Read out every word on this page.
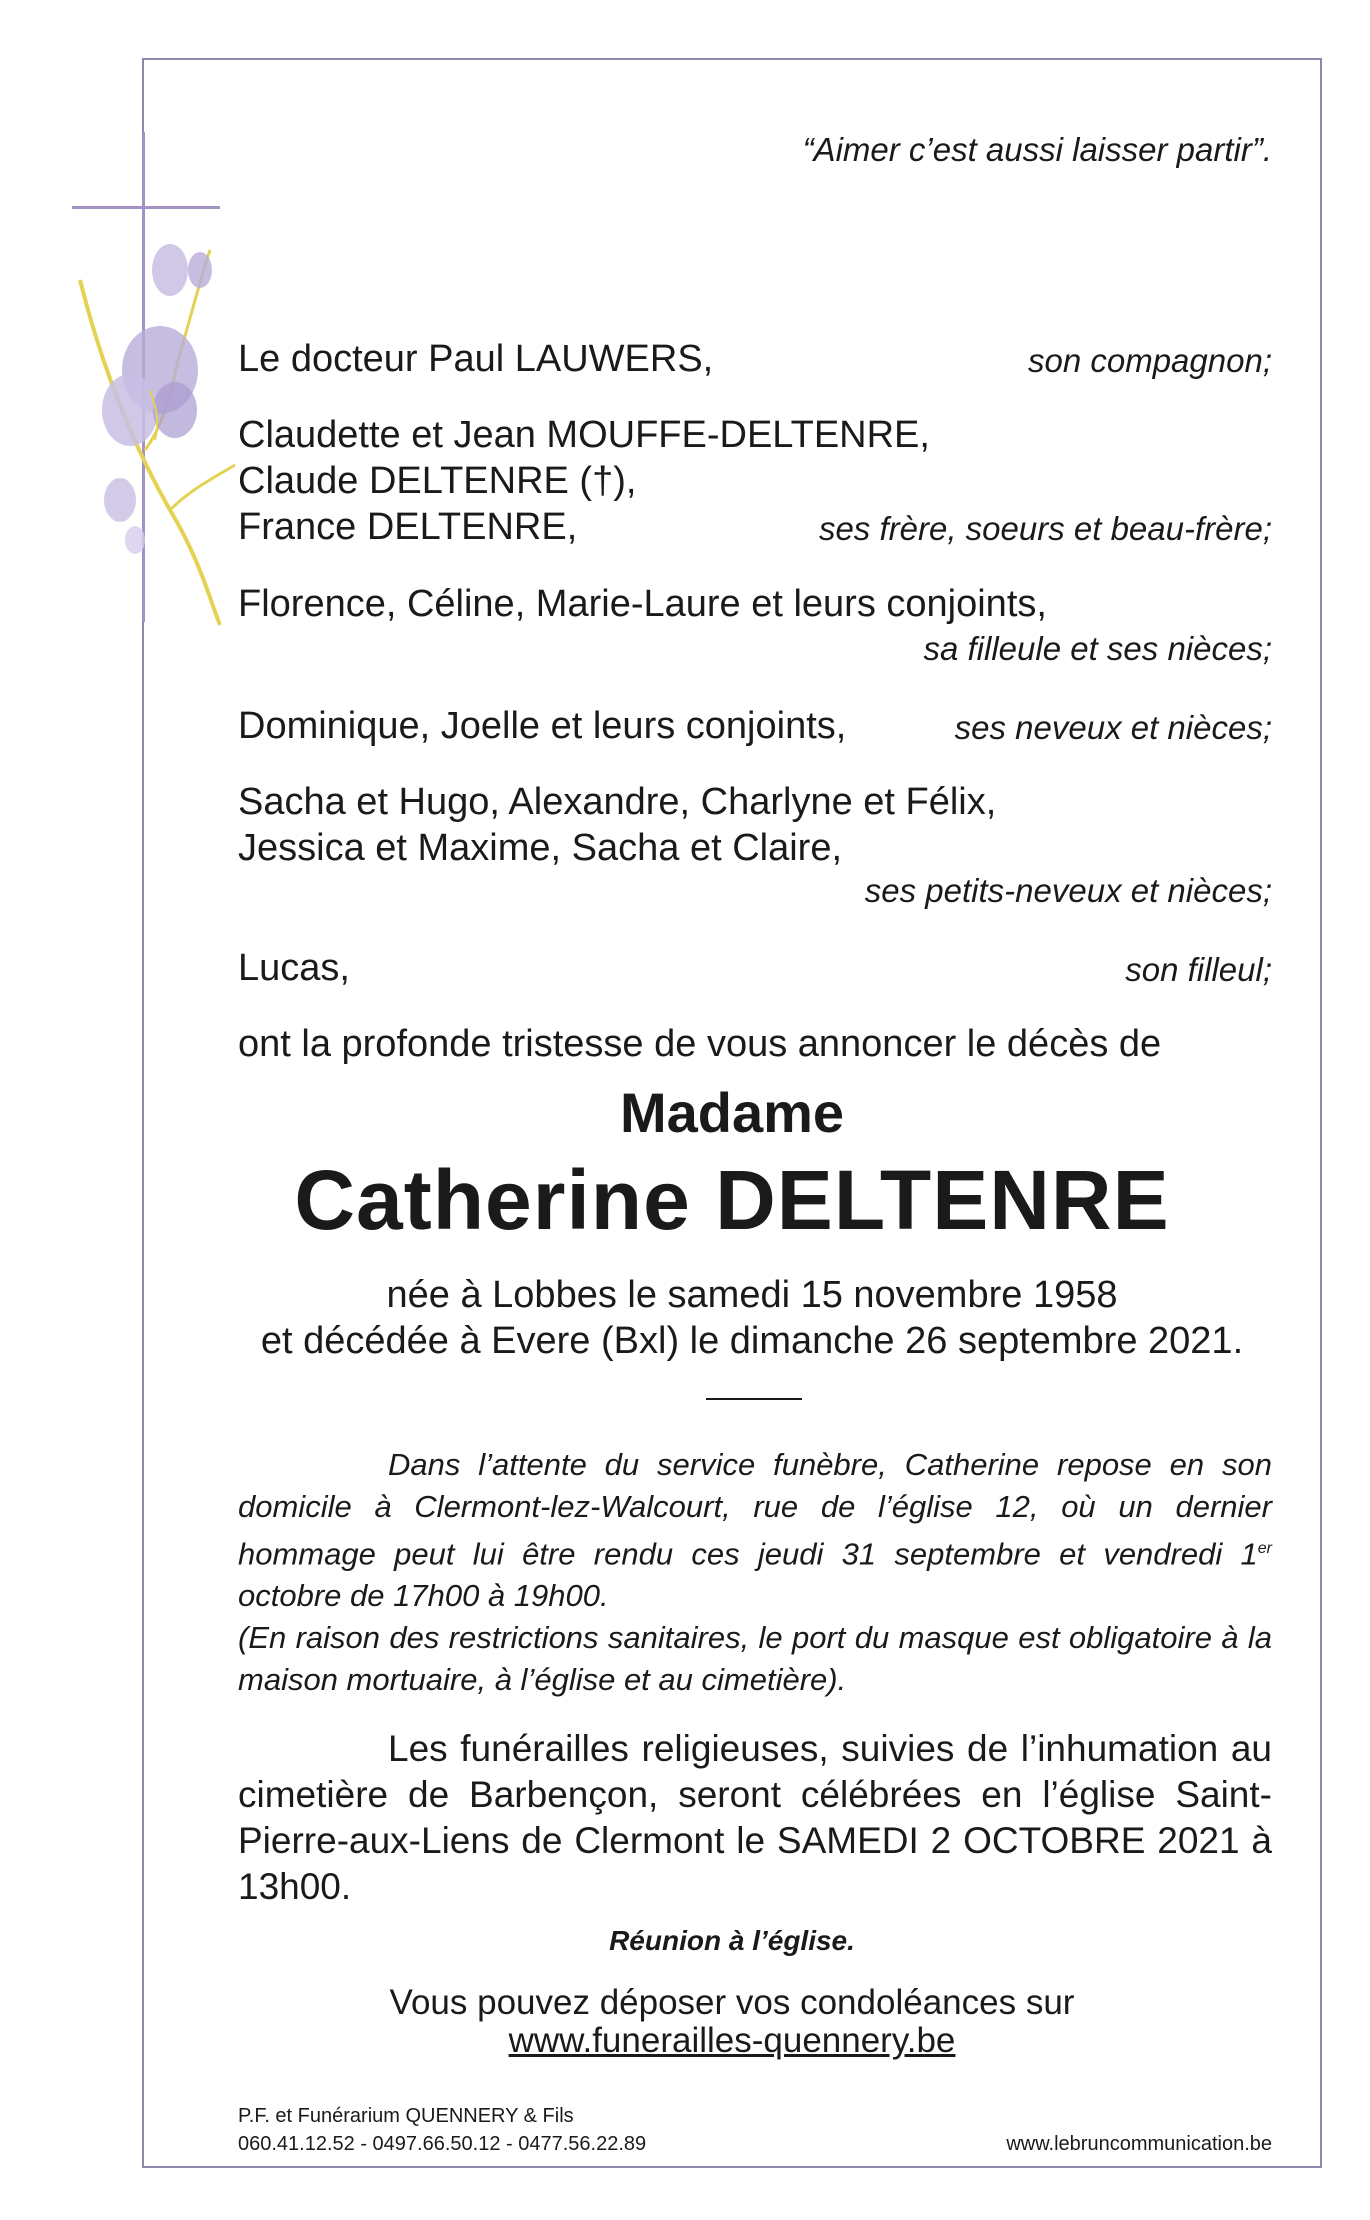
“Aimer c’est aussi laisser partir”.
Le docteur Paul LAUWERS,	son compagnon;
Claudette et Jean MOUFFE-DELTENRE,
Claude DELTENRE (†),
France DELTENRE,	ses frère, soeurs et beau-frère;
Florence, Céline, Marie-Laure et leurs conjoints,
sa filleule et ses nièces;
Dominique, Joelle et leurs conjoints,	ses neveux et nièces;
Sacha et Hugo, Alexandre, Charlyne et Félix,
Jessica et Maxime, Sacha et Claire,
ses petits-neveux et nièces;
Lucas,	son filleul;
ont la profonde tristesse de vous annoncer le décès de
Madame
Catherine DELTENRE
née à Lobbes le samedi 15 novembre 1958
et décédée à Evere (Bxl) le dimanche 26 septembre 2021.
Dans l’attente du service funèbre, Catherine repose en son domicile à Clermont-lez-Walcourt, rue de l’église 12, où un dernier hommage peut lui être rendu ces jeudi 31 septembre et vendredi 1er octobre de 17h00 à 19h00.
(En raison des restrictions sanitaires, le port du masque est obligatoire à la maison mortuaire, à l’église et au cimetière).
Les funérailles religieuses, suivies de l’inhumation au cimetière de Barbençon, seront célébrées en l’église Saint-Pierre-aux-Liens de Clermont le SAMEDI 2 OCTOBRE 2021 à 13h00.
Réunion à l’église.
Vous pouvez déposer vos condoléances sur
www.funerailles-quennery.be
P.F. et Funérarium QUENNERY & Fils
060.41.12.52 - 0497.66.50.12 - 0477.56.22.89	www.lebruncommunication.be
